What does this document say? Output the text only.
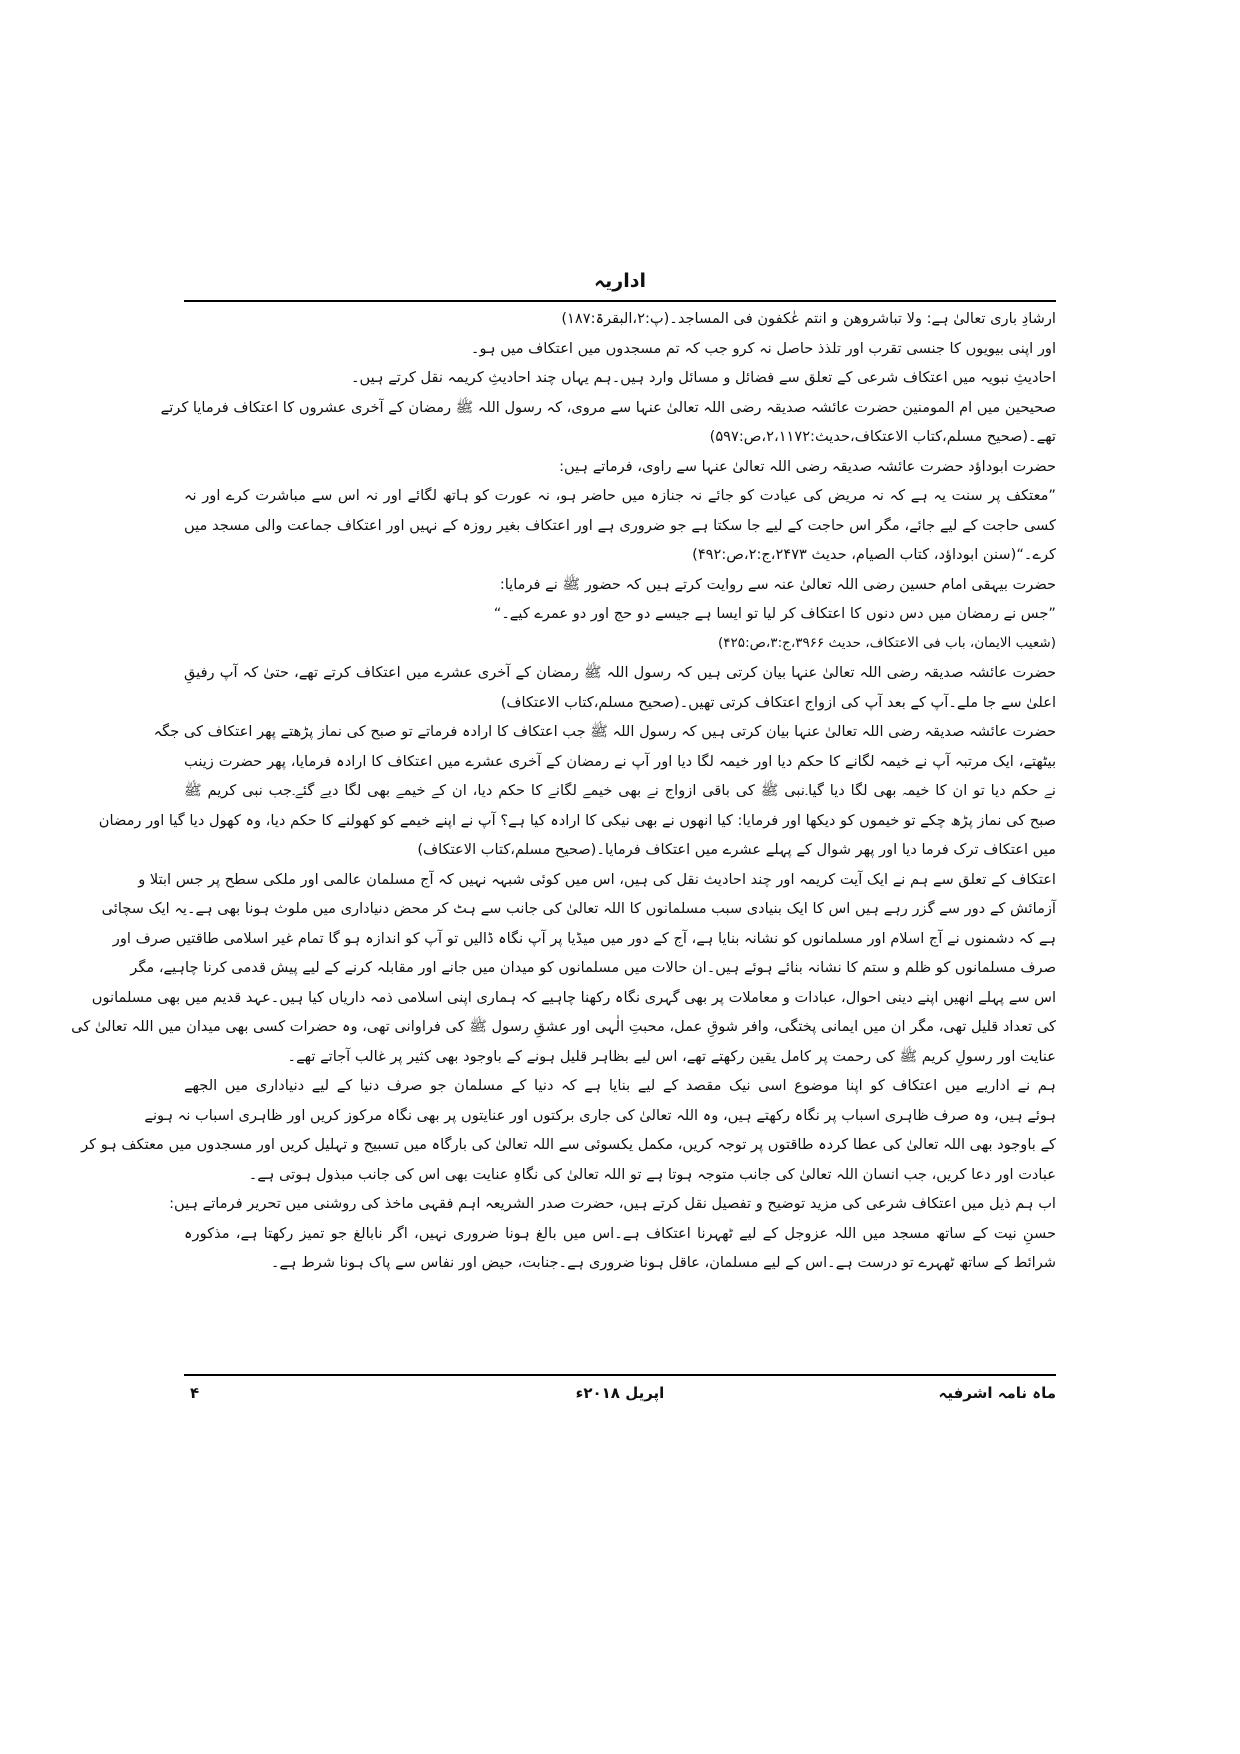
اداریہ
ارشادِ باری تعالیٰ ہے: ولا تباشروھن و انتم عٰکفون فی المساجد۔(پ:۲،البقرۃ:۱۸۷)
اور اپنی بیویوں کا جنسی تقرب اور تلذذ حاصل نہ کرو جب کہ تم مسجدوں میں اعتکاف میں ہو۔
احادیثِ نبویہ میں اعتکاف شرعی کے تعلق سے فضائل و مسائل وارد ہیں۔ہم یہاں چند احادیثِ کریمہ نقل کرتے ہیں۔
صحیحین میں ام المومنین حضرت عائشہ صدیقہ رضی اللہ تعالیٰ عنہا سے مروی، کہ رسول اللہ ﷺ رمضان کے آخری عشروں کا اعتکاف فرمایا کرتے
تھے۔(صحیح مسلم،کتاب الاعتکاف،حدیث:۲،۱۱۷۲،ص:۵۹۷)
حضرت ابوداؤد حضرت عائشہ صدیقہ رضی اللہ تعالیٰ عنہا سے راوی، فرماتے ہیں:
”معتکف پر سنت یہ ہے کہ نہ مریض کی عیادت کو جائے نہ جنازہ میں حاضر ہو، نہ عورت کو ہاتھ لگائے اور نہ اس سے مباشرت کرے اور نہ
کسی حاجت کے لیے جائے، مگر اس حاجت کے لیے جا سکتا ہے جو ضروری ہے اور اعتکاف بغیر روزہ کے نہیں اور اعتکاف جماعت والی مسجد میں
کرے۔“(سنن ابوداؤد، کتاب الصیام، حدیث ۲۴۷۳،ج:۲،ص:۴۹۲)
حضرت بیہقی امام حسین رضی اللہ تعالیٰ عنہ سے روایت کرتے ہیں کہ حضور ﷺ نے فرمایا:
”جس نے رمضان میں دس دنوں کا اعتکاف کر لیا تو ایسا ہے جیسے دو حج اور دو عمرے کیے۔“
(شعیب الایمان، باب فی الاعتکاف، حدیث ۳۹۶۶،ج:۳،ص:۴۲۵)
حضرت عائشہ صدیقہ رضی اللہ تعالیٰ عنہا بیان کرتی ہیں کہ رسول اللہ ﷺ رمضان کے آخری عشرے میں اعتکاف کرتے تھے، حتیٰ کہ آپ رفیقِ
اعلیٰ سے جا ملے۔آپ کے بعد آپ کی ازواج اعتکاف کرتی تھیں۔(صحیح مسلم،کتاب الاعتکاف)
حضرت عائشہ صدیقہ رضی اللہ تعالیٰ عنہا بیان کرتی ہیں کہ رسول اللہ ﷺ جب اعتکاف کا ارادہ فرماتے تو صبح کی نماز پڑھتے پھر اعتکاف کی جگہ
بیٹھتے، ایک مرتبہ آپ نے خیمہ لگانے کا حکم دیا اور خیمہ لگا دیا اور آپ نے رمضان کے آخری عشرے میں اعتکاف کا ارادہ فرمایا، پھر حضرت زینب
نے حکم دیا تو ان کا خیمہ بھی لگا دیا گیا۔نبی ﷺ کی باقی ازواج نے بھی خیمے لگانے کا حکم دیا، ان کے خیمے بھی لگا دیے گئے۔جب نبی کریم ﷺ
صبح کی نماز پڑھ چکے تو خیموں کو دیکھا اور فرمایا: کیا انھوں نے بھی نیکی کا ارادہ کیا ہے؟ آپ نے اپنے خیمے کو کھولنے کا حکم دیا، وہ کھول دیا گیا اور رمضان
میں اعتکاف ترک فرما دیا اور پھر شوال کے پہلے عشرے میں اعتکاف فرمایا۔(صحیح مسلم،کتاب الاعتکاف)
اعتکاف کے تعلق سے ہم نے ایک آیت کریمہ اور چند احادیث نقل کی ہیں، اس میں کوئی شبہہ نہیں کہ آج مسلمان عالمی اور ملکی سطح پر جس ابتلا و
آزمائش کے دور سے گزر رہے ہیں اس کا ایک بنیادی سبب مسلمانوں کا اللہ تعالیٰ کی جانب سے ہٹ کر محض دنیاداری میں ملوث ہونا بھی ہے۔یہ ایک سچائی
ہے کہ دشمنوں نے آج اسلام اور مسلمانوں کو نشانہ بنایا ہے، آج کے دور میں میڈیا پر آپ نگاہ ڈالیں تو آپ کو اندازہ ہو گا تمام غیر اسلامی طاقتیں صرف اور
صرف مسلمانوں کو ظلم و ستم کا نشانہ بنائے ہوئے ہیں۔ان حالات میں مسلمانوں کو میدان میں جانے اور مقابلہ کرنے کے لیے پیش قدمی کرنا چاہیے، مگر
اس سے پہلے انھیں اپنے دینی احوال، عبادات و معاملات پر بھی گہری نگاہ رکھنا چاہیے کہ ہماری اپنی اسلامی ذمہ داریاں کیا ہیں۔عہد قدیم میں بھی مسلمانوں
کی تعداد قلیل تھی، مگر ان میں ایمانی پختگی، وافر شوقِ عمل، محبتِ الٰہی اور عشقِ رسول ﷺ کی فراوانی تھی، وہ حضرات کسی بھی میدان میں اللہ تعالیٰ کی
عنایت اور رسولِ کریم ﷺ کی رحمت پر کامل یقین رکھتے تھے، اس لیے بظاہر قلیل ہونے کے باوجود بھی کثیر پر غالب آجاتے تھے۔
ہم نے اداریے میں اعتکاف کو اپنا موضوع اسی نیک مقصد کے لیے بنایا ہے کہ دنیا کے مسلمان جو صرف دنیا کے لیے دنیاداری میں الجھے
ہوئے ہیں، وہ صرف ظاہری اسباب پر نگاہ رکھتے ہیں، وہ اللہ تعالیٰ کی جاری برکتوں اور عنایتوں پر بھی نگاہ مرکوز کریں اور ظاہری اسباب نہ ہونے
کے باوجود بھی اللہ تعالیٰ کی عطا کردہ طاقتوں پر توجہ کریں، مکمل یکسوئی سے اللہ تعالیٰ کی بارگاہ میں تسبیح و تہلیل کریں اور مسجدوں میں معتکف ہو کر
عبادت اور دعا کریں، جب انسان اللہ تعالیٰ کی جانب متوجہ ہوتا ہے تو اللہ تعالیٰ کی نگاہِ عنایت بھی اس کی جانب مبذول ہوتی ہے۔
اب ہم ذیل میں اعتکاف شرعی کی مزید توضیح و تفصیل نقل کرتے ہیں، حضرت صدر الشریعہ اہم فقہی ماخذ کی روشنی میں تحریر فرماتے ہیں:
حسنِ نیت کے ساتھ مسجد میں اللہ عزوجل کے لیے ٹھہرنا اعتکاف ہے۔اس میں بالغ ہونا ضروری نہیں، اگر نابالغ جو تمیز رکھتا ہے، مذکورہ
شرائط کے ساتھ ٹھہرے تو درست ہے۔اس کے لیے مسلمان، عاقل ہونا ضروری ہے۔جنابت، حیض اور نفاس سے پاک ہونا شرط ہے۔
۴	اپریل ۲۰۱۸ء	ماہ نامہ اشرفیہ
